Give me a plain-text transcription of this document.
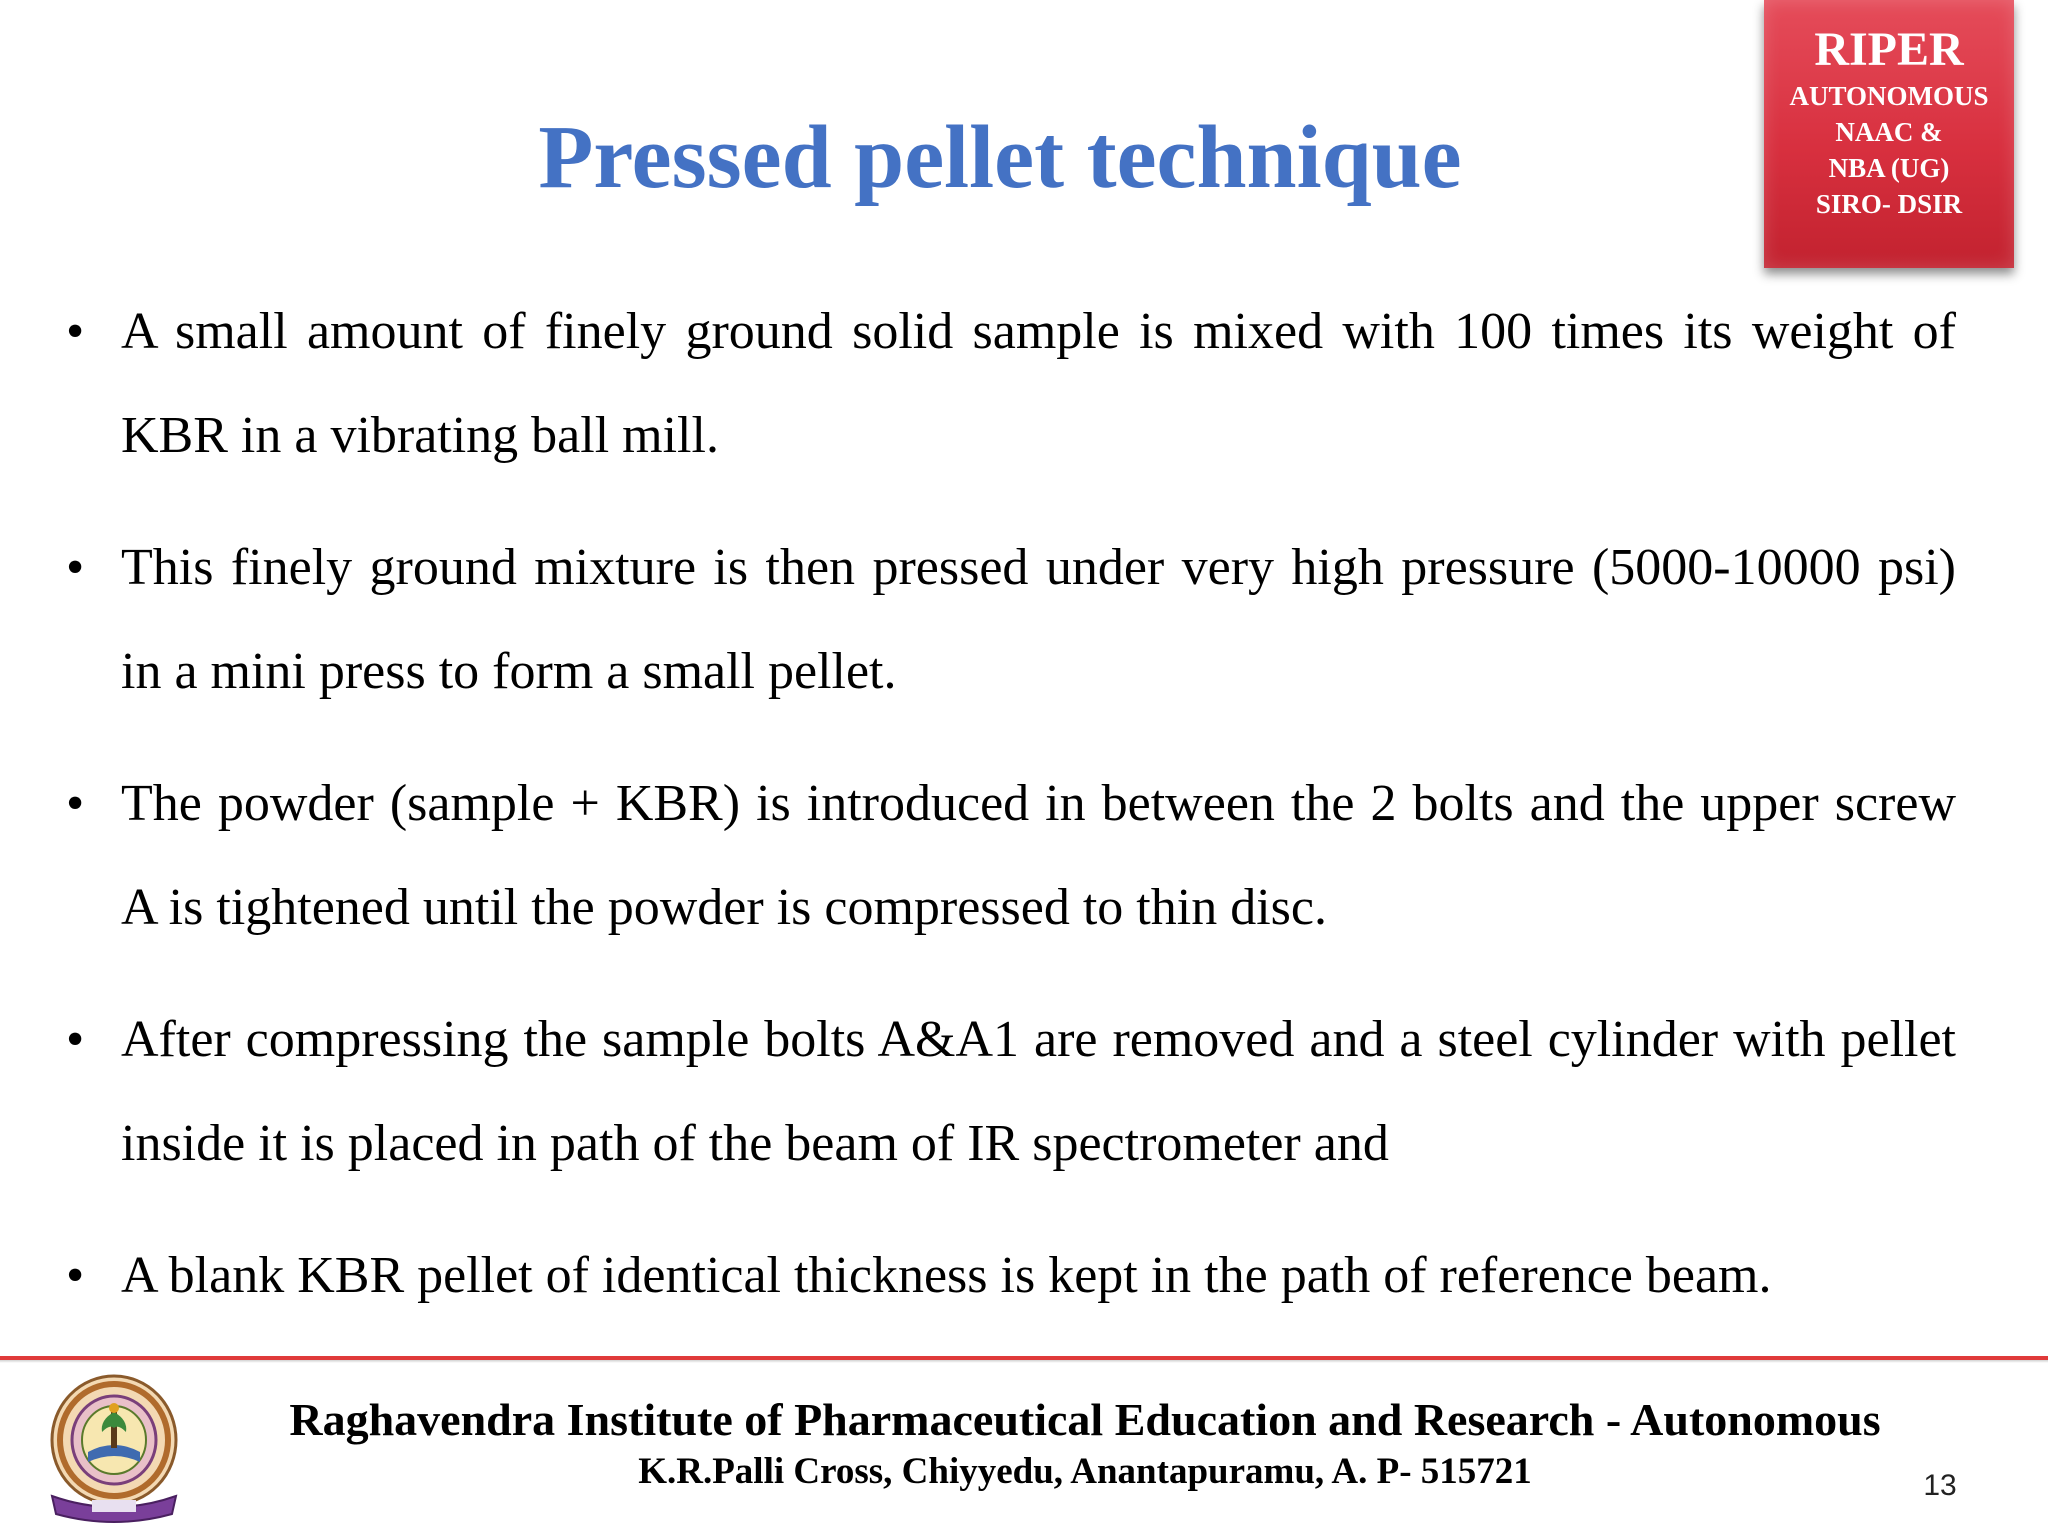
Pressed pellet technique
RIPER
AUTONOMOUS
NAAC &
NBA (UG)
SIRO- DSIR
• A small amount of finely ground solid sample is mixed with 100 times its weight of KBR in a vibrating ball mill.
• This finely ground mixture is then pressed under very high pressure (5000-10000 psi) in a mini press to form a small pellet.
• The powder (sample + KBR) is introduced in between the 2 bolts and the upper screw A is tightened until the powder is compressed to thin disc.
• After compressing the sample bolts A&A1 are removed and a steel cylinder with pellet inside it is placed in path of the beam of IR spectrometer and
• A blank KBR pellet of identical thickness is kept in the path of reference beam.
Raghavendra Institute of Pharmaceutical Education and Research - Autonomous
K.R.Palli Cross, Chiyyedu, Anantapuramu, A. P- 515721	13
